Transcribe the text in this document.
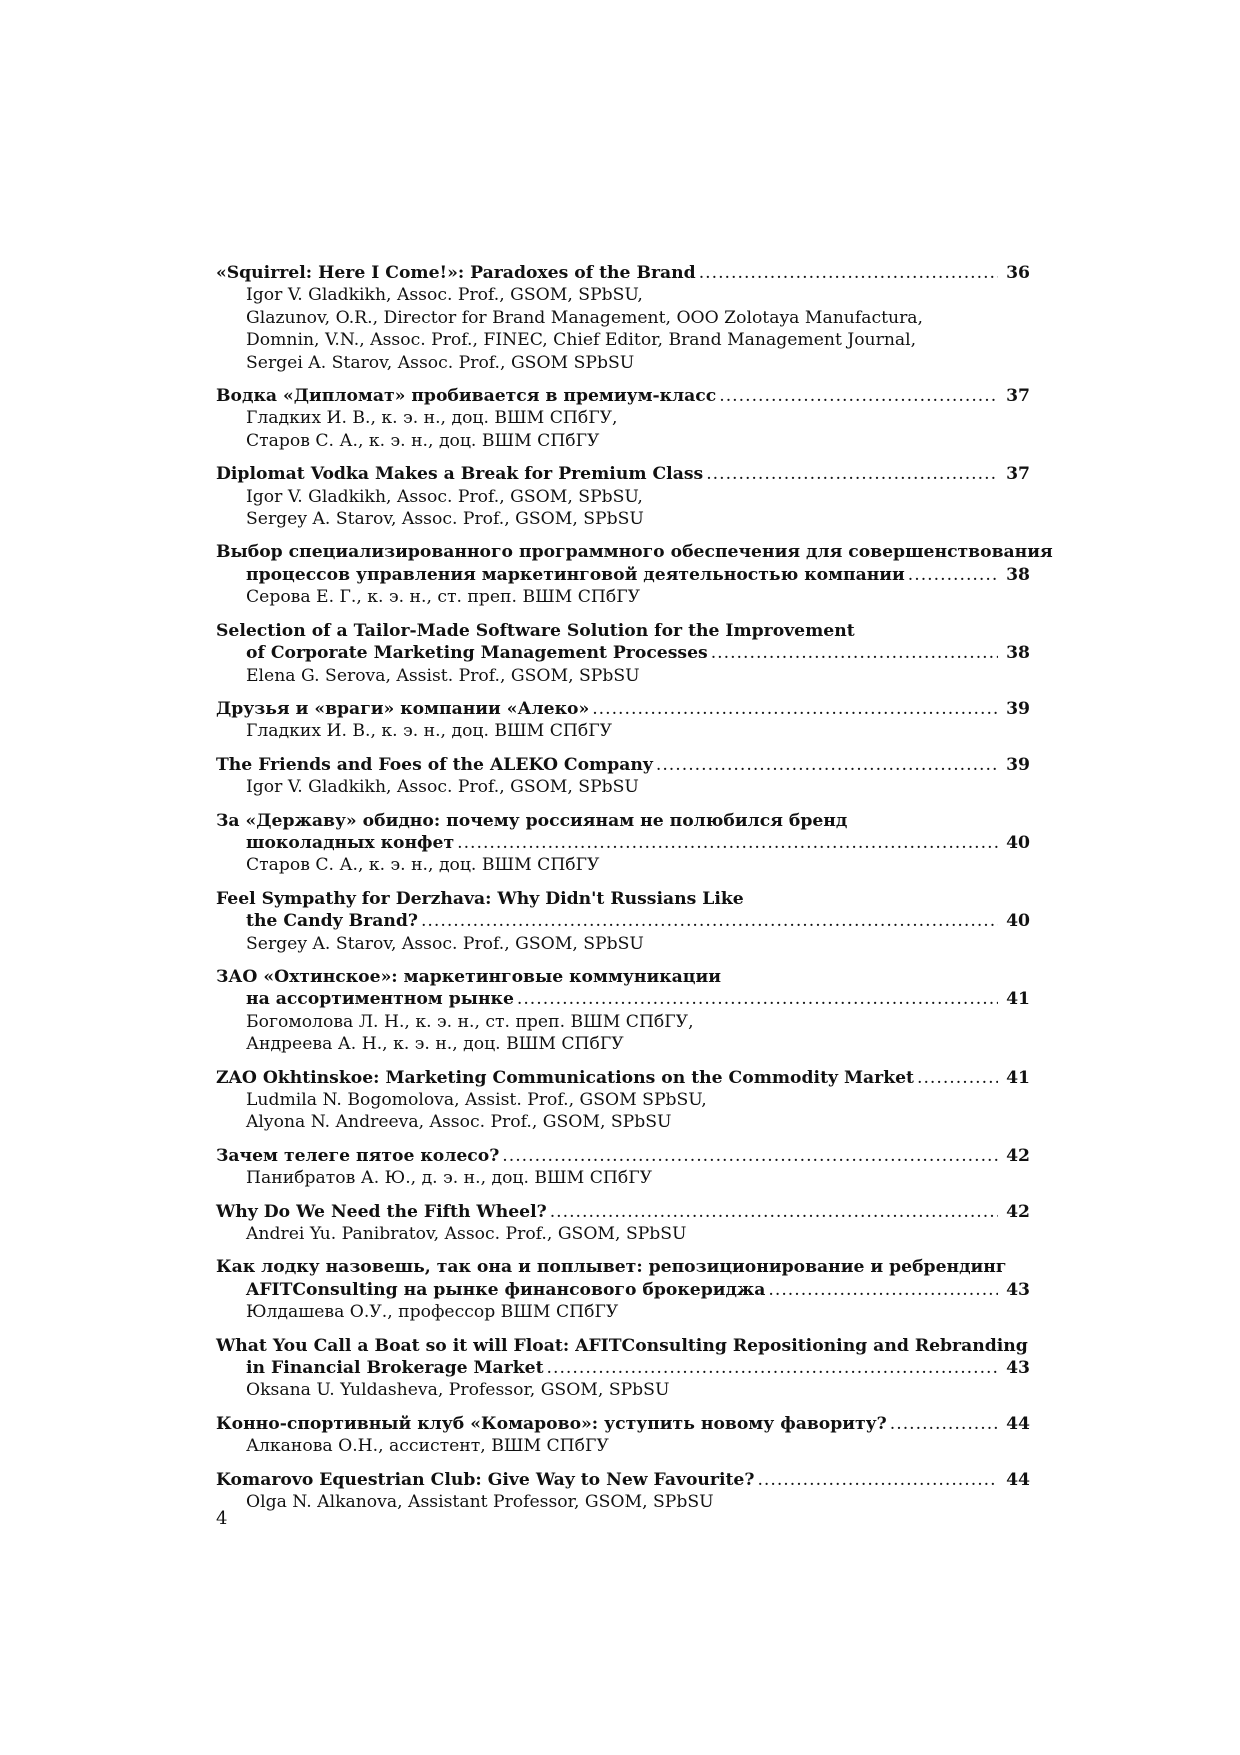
«Squirrel: Here I Come!»: Paradoxes of the Brand .....	36
Igor V. Gladkikh, Assoc. Prof., GSOM, SPbSU,
Glazunov, O.R., Director for Brand Management, OOO Zolotaya Manufactura,
Domnin, V.N., Assoc. Prof., FINEC, Chief Editor, Brand Management Journal,
Sergei A. Starov, Assoc. Prof., GSOM SPbSU
Водка «Дипломат» пробивается в премиум-класс .....	37
Гладких И. В., к. э. н., доц. ВШМ СПбГУ,
Старов С. А., к. э. н., доц. ВШМ СПбГУ
Diplomat Vodka Makes a Break for Premium Class .....	37
Igor V. Gladkikh, Assoc. Prof., GSOM, SPbSU,
Sergey A. Starov, Assoc. Prof., GSOM, SPbSU
Выбор специализированного программного обеспечения для совершенствования
процессов управления маркетинговой деятельностью компании .....	38
Серова Е. Г., к. э. н., ст. преп. ВШМ СПбГУ
Selection of a Tailor-Made Software Solution for the Improvement
of Corporate Marketing Management Processes .....	38
Elena G. Serova, Assist. Prof., GSOM, SPbSU
Друзья и «враги» компании «Алеко» .....	39
Гладких И. В., к. э. н., доц. ВШМ СПбГУ
The Friends and Foes of the ALEKO Company .....	39
Igor V. Gladkikh, Assoc. Prof., GSOM, SPbSU
За «Державу» обидно: почему россиянам не полюбился бренд
шоколадных конфет .....	40
Старов С. А., к. э. н., доц. ВШМ СПбГУ
Feel Sympathy for Derzhava: Why Didn't Russians Like
the Candy Brand? .....	40
Sergey A. Starov, Assoc. Prof., GSOM, SPbSU
ЗАО «Охтинское»: маркетинговые коммуникации
на ассортиментном рынке .....	41
Богомолова Л. Н., к. э. н., ст. преп. ВШМ СПбГУ,
Андреева А. Н., к. э. н., доц. ВШМ СПбГУ
ZAO Okhtinskoe: Marketing Communications on the Commodity Market .....	41
Ludmila N. Bogomolova, Assist. Prof., GSOM SPbSU,
Alyona N. Andreeva, Assoc. Prof., GSOM, SPbSU
Зачем телеге пятое колесо? .....	42
Панибратов А. Ю., д. э. н., доц. ВШМ СПбГУ
Why Do We Need the Fifth Wheel? .....	42
Andrei Yu. Panibratov, Assoc. Prof., GSOM, SPbSU
Как лодку назовешь, так она и поплывет: репозиционирование и ребрендинг
AFITConsulting на рынке финансового брокериджа .....	43
Юлдашева О.У., профессор ВШМ СПбГУ
What You Call a Boat so it will Float: AFITConsulting Repositioning and Rebranding
in Financial Brokerage Market .....	43
Oksana U. Yuldasheva, Professor, GSOM, SPbSU
Конно-спортивный клуб «Комарово»: уступить новому фавориту? .....	44
Алканова О.Н., ассистент, ВШМ СПбГУ
Komarovo Equestrian Club: Give Way to New Favourite? .....	44
Olga N. Alkanova, Assistant Professor, GSOM, SPbSU
4
